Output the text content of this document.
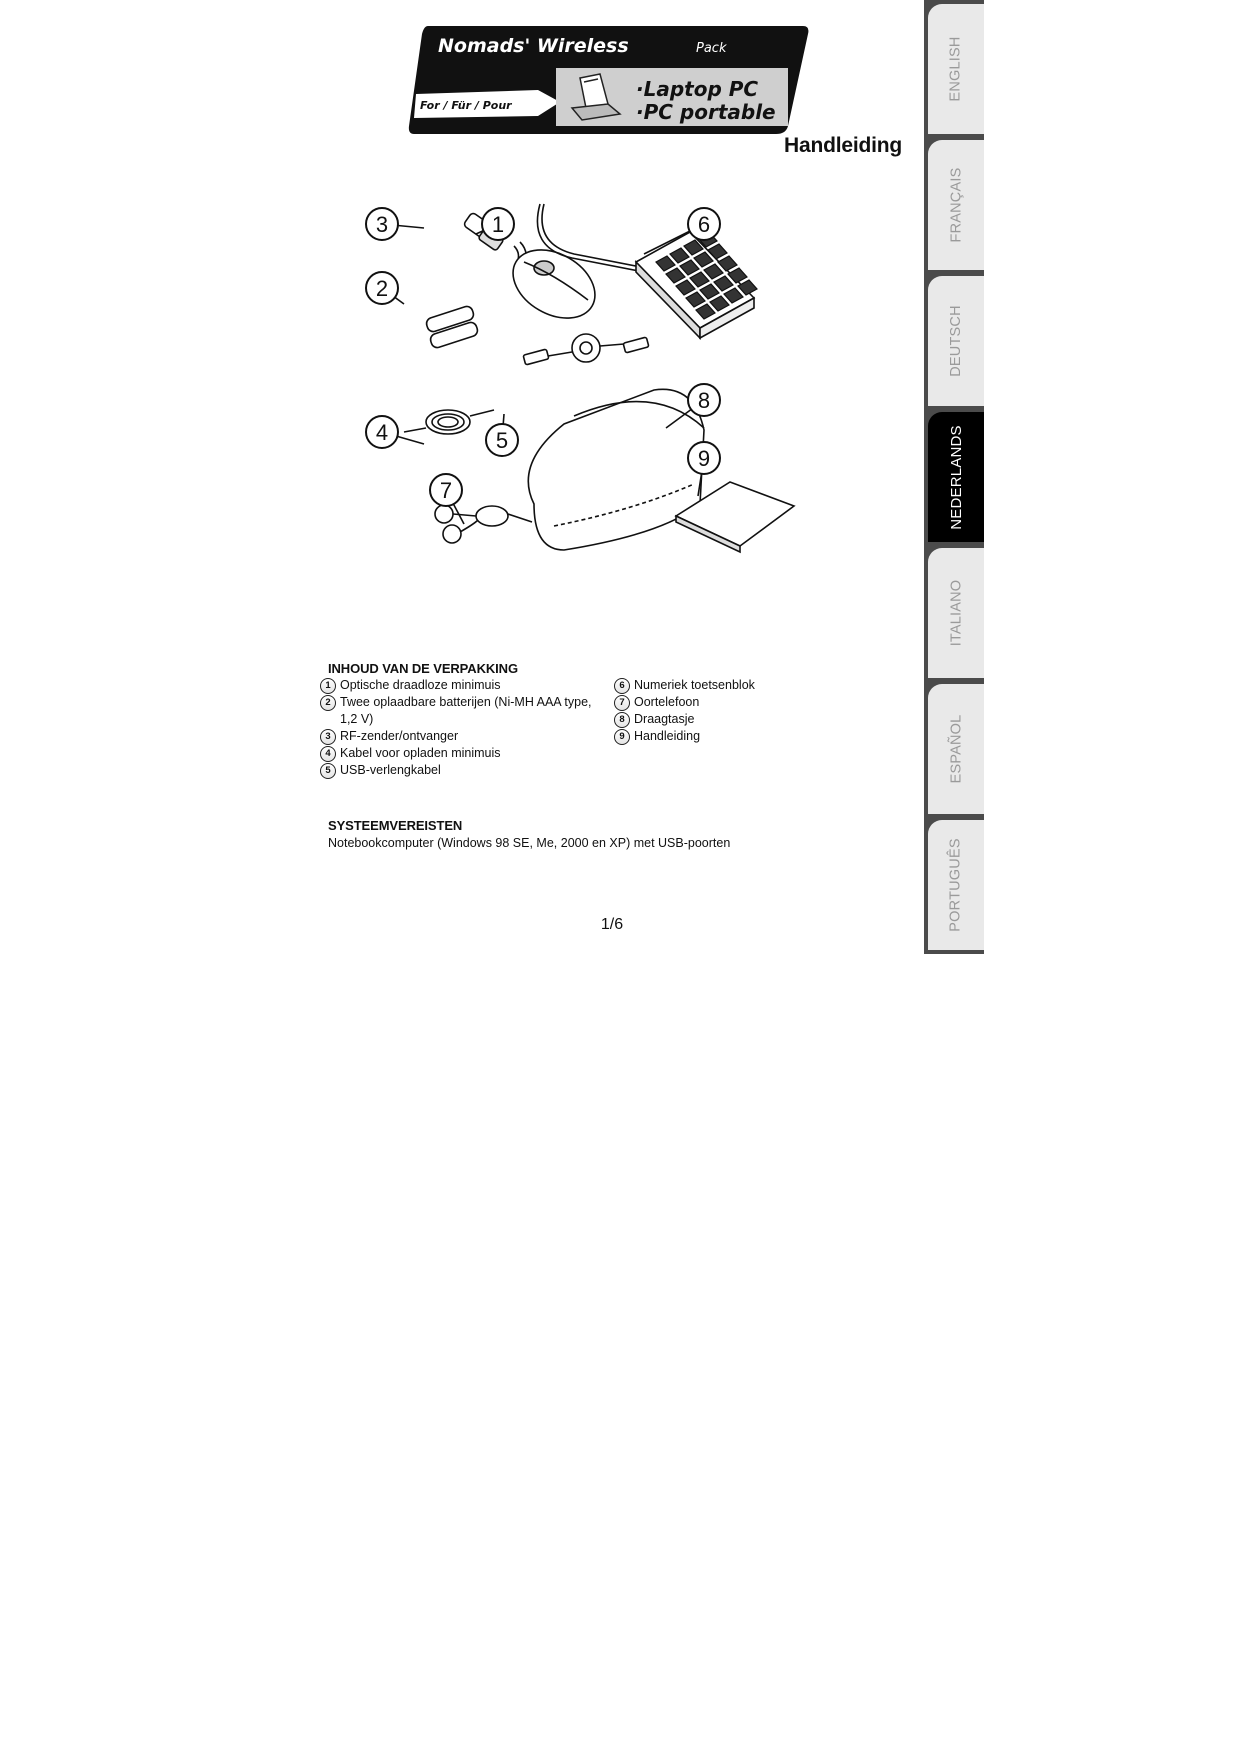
Nomads' Wireless	Pack
For / Für / Pour
·Laptop PC
·PC portable
Handleiding
1
2
3
4	5
6
7
8
9
INHOUD VAN DE VERPAKKING
1 Optische draadloze minimuis
2 Twee oplaadbare batterijen (Ni-MH AAA type,
1,2 V)
3 RF-zender/ontvanger
4 Kabel voor opladen minimuis
5 USB-verlengkabel
6 Numeriek toetsenblok
7 Oortelefoon
8 Draagtasje
9 Handleiding
SYSTEEMVEREISTEN
Notebookcomputer (Windows 98 SE, Me, 2000 en XP) met USB-poorten
1/6
ENGLISH
FRANÇAIS
DEUTSCH
NEDERLANDS
ITALIANO
ESPAÑOL
PORTUGUÊS
